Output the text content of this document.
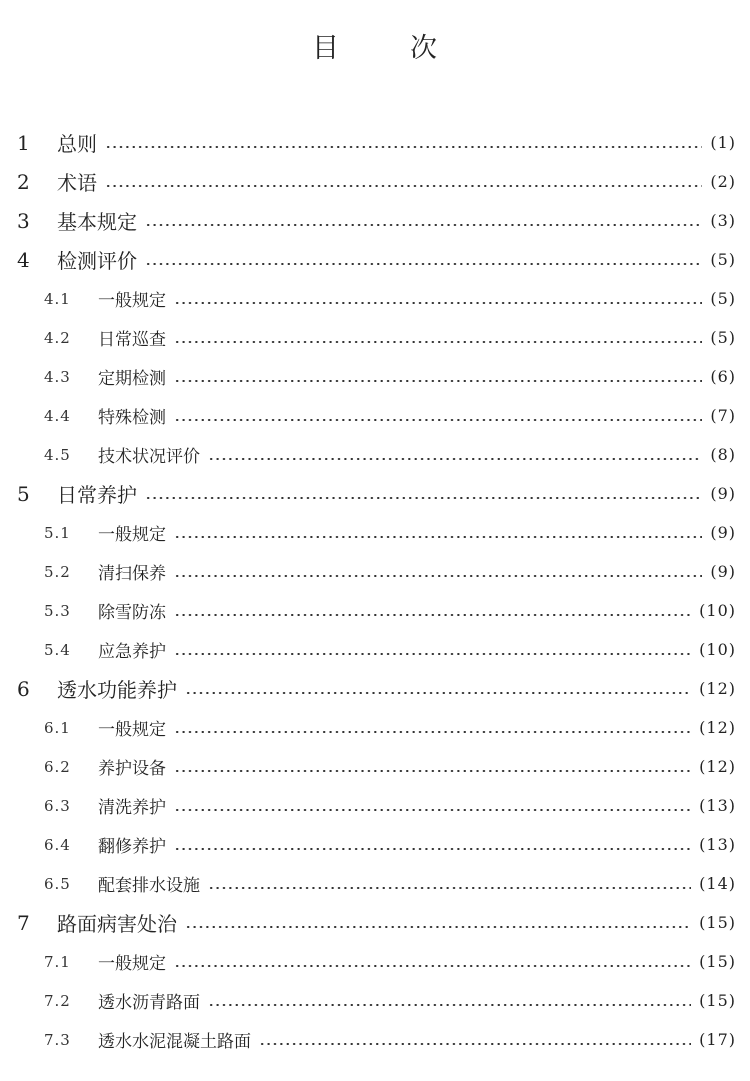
目	次
1 总则	(1)
2 术语	(2)
3 基本规定	(3)
4 检测评价	(5)
4.1 一般规定	(5)
4.2 日常巡查	(5)
4.3 定期检测	(6)
4.4 特殊检测	(7)
4.5 技术状况评价	(8)
5 日常养护	(9)
5.1 一般规定	(9)
5.2 清扫保养	(9)
5.3 除雪防冻	(10)
5.4 应急养护	(10)
6 透水功能养护	(12)
6.1 一般规定	(12)
6.2 养护设备	(12)
6.3 清洗养护	(13)
6.4 翻修养护	(13)
6.5 配套排水设施	(14)
7 路面病害处治	(15)
7.1 一般规定	(15)
7.2 透水沥青路面	(15)
7.3 透水水泥混凝土路面	(17)
